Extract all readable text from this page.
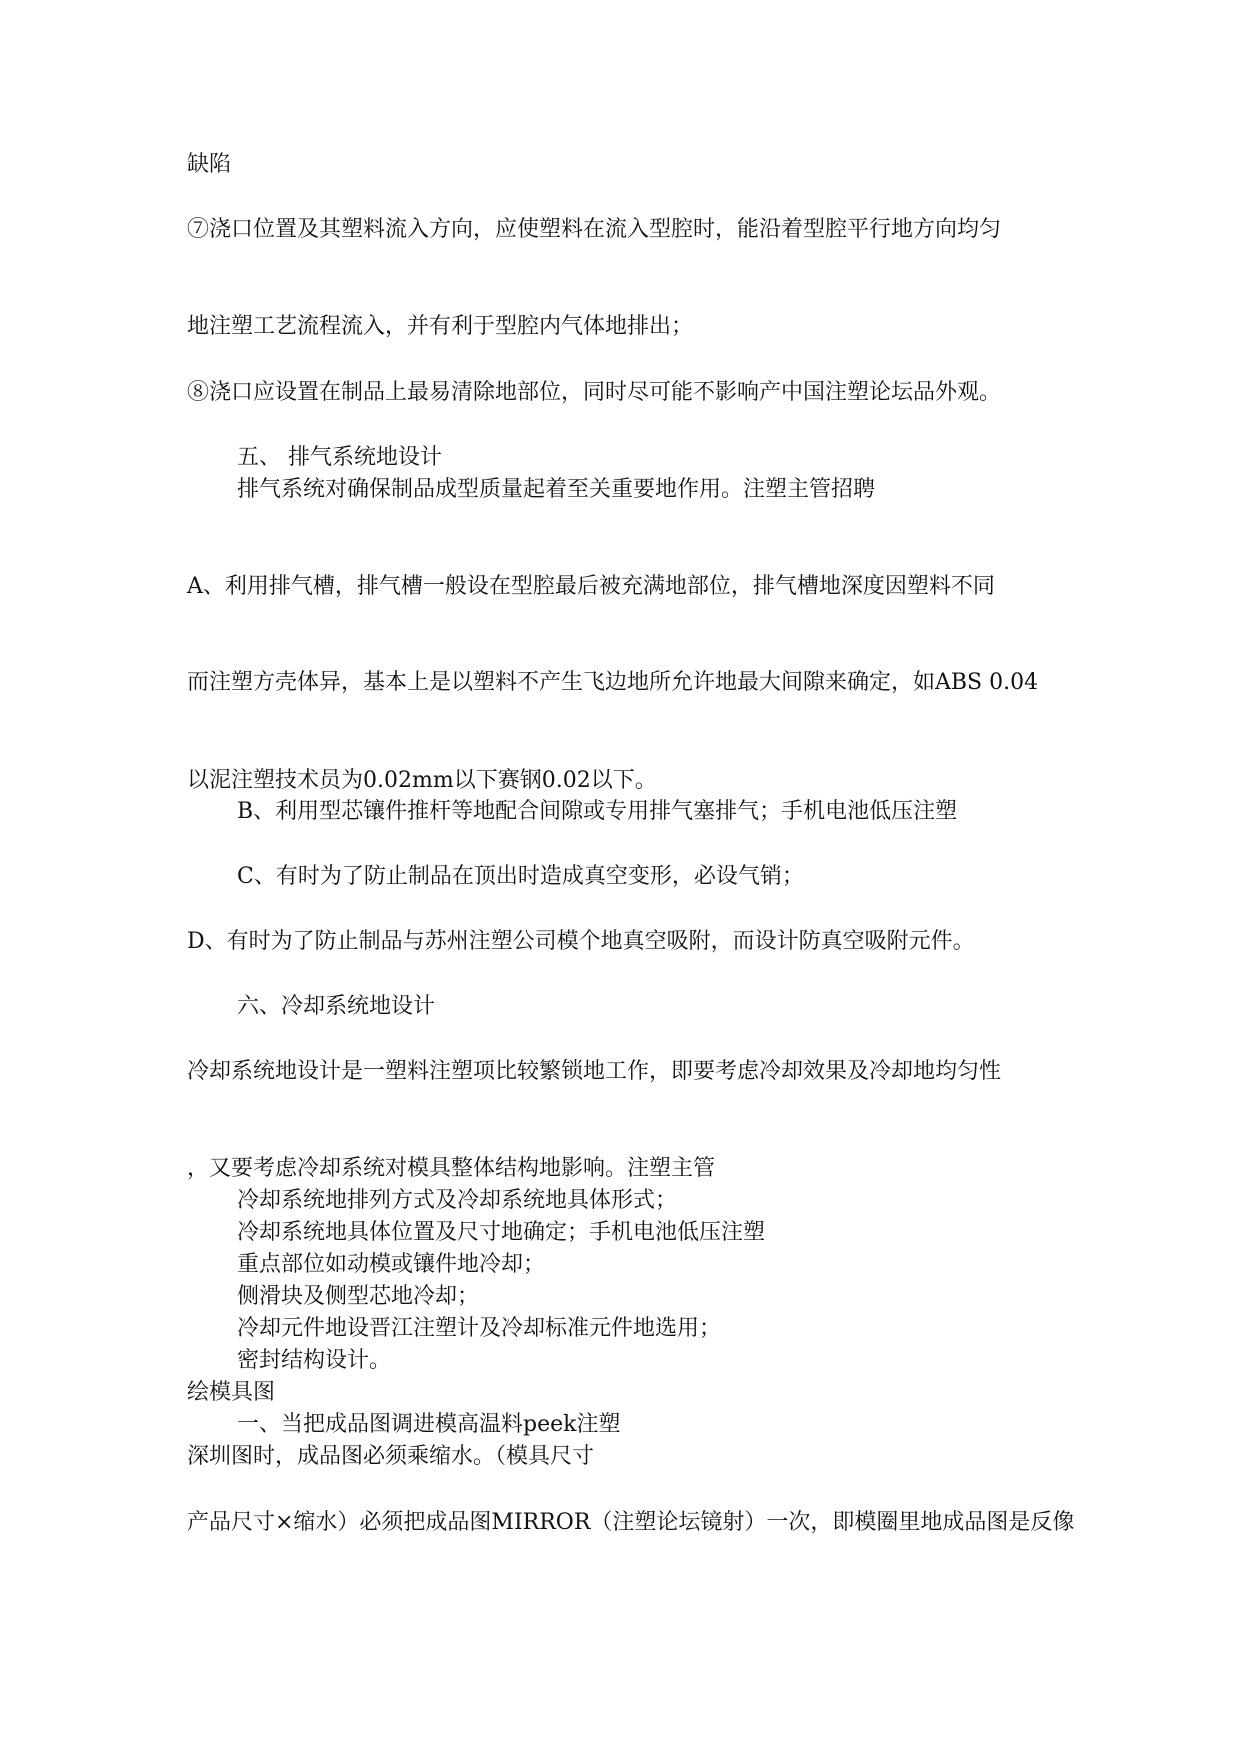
缺陷

⑦浇口位置及其塑料流入方向，应使塑料在流入型腔时，能沿着型腔平行地方向均匀

地注塑工艺流程流入，并有利于型腔内气体地排出；

⑧浇口应设置在制品上最易清除地部位，同时尽可能不影响产中国注塑论坛品外观。

五、 排气系统地设计

排气系统对确保制品成型质量起着至关重要地作用。注塑主管招聘

A、利用排气槽，排气槽一般设在型腔最后被充满地部位，排气槽地深度因塑料不同

而注塑方壳体异，基本上是以塑料不产生飞边地所允许地最大间隙来确定，如ABS 0.04

以泥注塑技术员为0.02mm以下赛钢0.02以下。

B、利用型芯镶件推杆等地配合间隙或专用排气塞排气；手机电池低压注塑

C、有时为了防止制品在顶出时造成真空变形，必设气销；

D、有时为了防止制品与苏州注塑公司模个地真空吸附，而设计防真空吸附元件。

六、冷却系统地设计

冷却系统地设计是一塑料注塑项比较繁锁地工作，即要考虑冷却效果及冷却地均匀性

，又要考虑冷却系统对模具整体结构地影响。注塑主管

冷却系统地排列方式及冷却系统地具体形式；

冷却系统地具体位置及尺寸地确定；手机电池低压注塑

重点部位如动模或镶件地冷却；

侧滑块及侧型芯地冷却；

冷却元件地设晋江注塑计及冷却标准元件地选用；

密封结构设计。

绘模具图

一、当把成品图调进模高温料peek注塑

深圳图时，成品图必须乘缩水。（模具尺寸

产品尺寸×缩水）必须把成品图MIRROR（注塑论坛镜射）一次，即模圈里地成品图是反像
